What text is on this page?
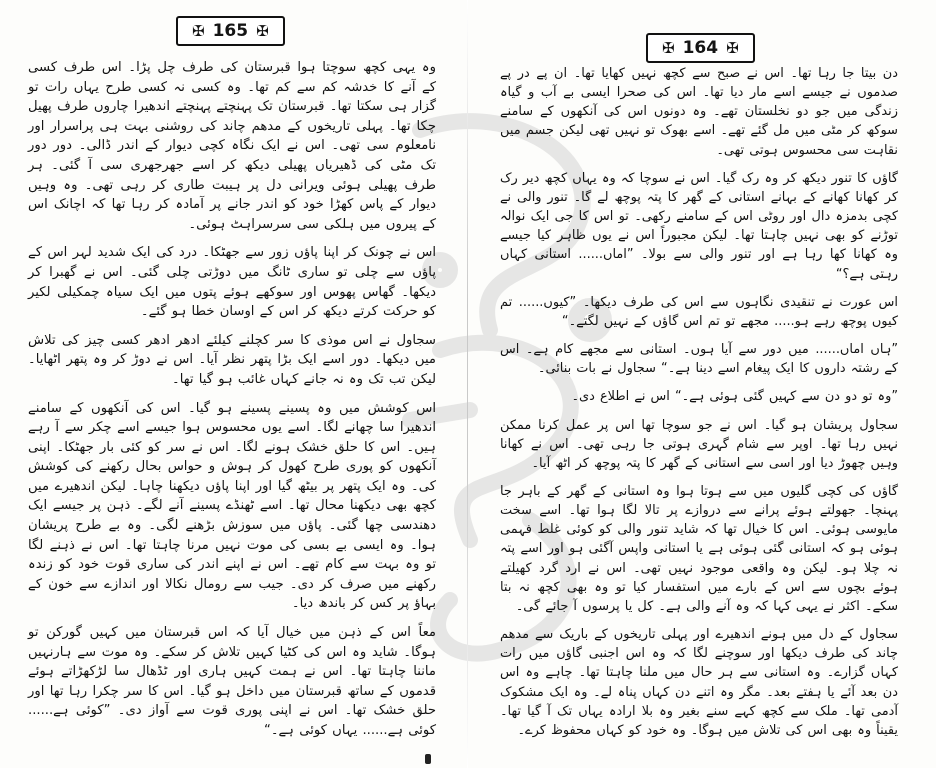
✠ 165 ✠

وہ یہی کچھ سوچتا ہوا قبرستان کی طرف چل پڑا۔ اس طرف کسی کے آنے کا خدشہ کم سے کم تھا۔ وہ کسی نہ کسی طرح یہاں رات تو گزار ہی سکتا تھا۔ قبرستان تک پہنچتے پہنچتے اندھیرا چاروں طرف پھیل چکا تھا۔ پہلی تاریخوں کے مدھم چاند کی روشنی بہت ہی پراسرار اور نامعلوم سی تھی۔ اس نے ایک نگاہ کچی دیوار کے اندر ڈالی۔ دور دور تک مٹی کی ڈھیریاں پھیلی دیکھ کر اسے جھرجھری سی آ گئی۔ ہر طرف پھیلی ہوئی ویرانی دل پر ہیبت طاری کر رہی تھی۔ وہ وہیں دیوار کے پاس کھڑا خود کو اندر جانے پر آمادہ کر رہا تھا کہ اچانک اس کے پیروں میں ہلکی سی سرسراہٹ ہوئی۔

اس نے چونک کر اپنا پاؤں زور سے جھٹکا۔ درد کی ایک شدید لہر اس کے پاؤں سے چلی تو ساری ٹانگ میں دوڑتی چلی گئی۔ اس نے گھبرا کر دیکھا۔ گھاس پھوس اور سوکھے ہوئے پتوں میں ایک سیاہ چمکیلی لکیر کو حرکت کرتے دیکھ کر اس کے اوسان خطا ہو گئے۔

سجاول نے اس موذی کا سر کچلنے کیلئے ادھر ادھر کسی چیز کی تلاش میں دیکھا۔ دور اسے ایک بڑا پتھر نظر آیا۔ اس نے دوڑ کر وہ پتھر اٹھایا۔ لیکن تب تک وہ نہ جانے کہاں غائب ہو گیا تھا۔

اس کوشش میں وہ پسینے پسینے ہو گیا۔ اس کی آنکھوں کے سامنے اندھیرا سا چھانے لگا۔ اسے یوں محسوس ہوا جیسے اسے چکر سے آ رہے ہیں۔ اس کا حلق خشک ہونے لگا۔ اس نے سر کو کئی بار جھٹکا۔ اپنی آنکھوں کو پوری طرح کھول کر ہوش و حواس بحال رکھنے کی کوشش کی۔ وہ ایک پتھر پر بیٹھ گیا اور اپنا پاؤں دیکھنا چاہا۔ لیکن اندھیرے میں کچھ بھی دیکھنا محال تھا۔ اسے ٹھنڈے پسینے آنے لگے۔ ذہن پر جیسے ایک دھندسی چھا گئی۔ پاؤں میں سوزش بڑھنے لگی۔ وہ بے طرح پریشان ہوا۔ وہ ایسی بے بسی کی موت نہیں مرنا چاہتا تھا۔ اس نے ذہنے لگا تو وہ بہت سے کام تھے۔ اس نے اپنے اندر کی ساری قوت خود کو زندہ رکھنے میں صرف کر دی۔ جیب سے رومال نکالا اور اندازے سے خون کے بہاؤ پر کس کر باندھ دیا۔

معاً اس کے ذہن میں خیال آیا کہ اس قبرستان میں کہیں گورکن تو ہوگا۔ شاید وہ اس کی کٹیا کہیں تلاش کر سکے۔ وہ موت سے ہارنہیں ماننا چاہتا تھا۔ اس نے ہمت کہیں ہاری اور ٹڈھال سا لڑکھڑاتے ہوئے قدموں کے ساتھ قبرستان میں داخل ہو گیا۔ اس کا سر چکرا رہا تھا اور حلق خشک تھا۔ اس نے اپنی پوری قوت سے آواز دی۔ ”کوئی ہے...... کوئی ہے...... یہاں کوئی ہے۔“

✠ 164 ✠

دن بیتا جا رہا تھا۔ اس نے صبح سے کچھ نہیں کھایا تھا۔ ان پے در پے صدموں نے جیسے اسے مار دیا تھا۔ اس کی صحرا ایسی بے آب و گیاہ زندگی میں جو دو نخلستان تھے۔ وہ دونوں اس کی آنکھوں کے سامنے سوکھ کر مٹی میں مل گئے تھے۔ اسے بھوک تو نہیں تھی لیکن جسم میں نقاہت سی محسوس ہوتی تھی۔

گاؤں کا تنور دیکھ کر وہ رک گیا۔ اس نے سوچا کہ وہ یہاں کچھ دیر رک کر کھانا کھانے کے بہانے استانی کے گھر کا پتہ پوچھ لے گا۔ تنور والی نے کچی بدمزہ دال اور روٹی اس کے سامنے رکھی۔ تو اس کا جی ایک نوالہ توڑنے کو بھی نہیں چاہتا تھا۔ لیکن مجبوراً اس نے یوں ظاہر کیا جیسے وہ کھانا کھا رہا ہے اور تنور والی سے بولا۔ ”اماں...... استانی کہاں رہتی ہے؟“

اس عورت نے تنقیدی نگاہوں سے اس کی طرف دیکھا۔ ”کیوں...... تم کیوں پوچھ رہے ہو..... مجھے تو تم اس گاؤں کے نہیں لگتے۔“

”ہاں اماں...... میں دور سے آیا ہوں۔ استانی سے مجھے کام ہے۔ اس کے رشتہ داروں کا ایک پیغام اسے دینا ہے۔“ سجاول نے بات بنائی۔

”وہ تو دو دن سے کہیں گئی ہوئی ہے۔“ اس نے اطلاع دی۔

سجاول پریشان ہو گیا۔ اس نے جو سوچا تھا اس پر عمل کرنا ممکن نہیں رہا تھا۔ اوپر سے شام گہری ہوتی جا رہی تھی۔ اس نے کھانا وہیں چھوڑ دیا اور اسی سے استانی کے گھر کا پتہ پوچھ کر اٹھ آیا۔

گاؤں کی کچی گلیوں میں سے ہوتا ہوا وہ استانی کے گھر کے باہر جا پہنچا۔ جھولتے ہوئے پرانے سے دروازے پر تالا لگا ہوا تھا۔ اسے سخت مایوسی ہوئی۔ اس کا خیال تھا کہ شاید تنور والی کو کوئی غلط فہمی ہوئی ہو کہ استانی گئی ہوئی ہے یا استانی واپس آگئی ہو اور اسے پتہ نہ چلا ہو۔ لیکن وہ واقعی موجود نہیں تھی۔ اس نے ارد گرد کھیلتے ہوئے بچوں سے اس کے بارے میں استفسار کیا تو وہ بھی کچھ نہ بتا سکے۔ اکثر نے یہی کہا کہ وہ آنے والی ہے۔ کل یا پرسوں آ جائے گی۔

سجاول کے دل میں ہونے اندھیرے اور پہلی تاریخوں کے باریک سے مدھم چاند کی طرف دیکھا اور سوچنے لگا کہ وہ اس اجنبی گاؤں میں رات کہاں گزارے۔ وہ استانی سے ہر حال میں ملنا چاہتا تھا۔ چاہے وہ اس دن بعد آئے یا ہفتے بعد۔ مگر وہ اتنے دن کہاں پناہ لے۔ وہ ایک مشکوک آدمی تھا۔ ملک سے کچھ کہے سنے بغیر وہ بلا ارادہ یہاں تک آ گیا تھا۔ یقیناً وہ بھی اس کی تلاش میں ہوگا۔ وہ خود کو کہاں محفوظ کرے۔
